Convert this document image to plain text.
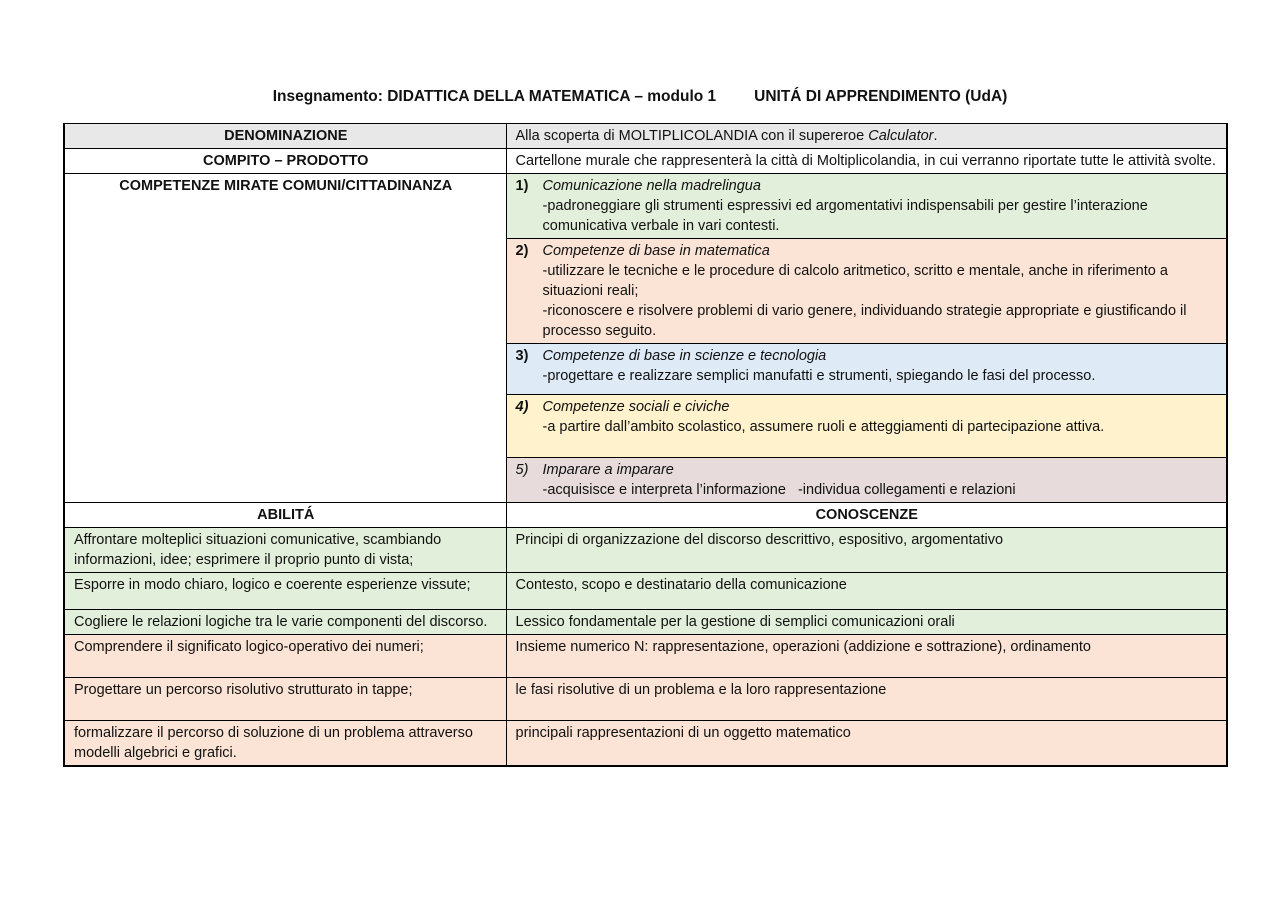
Insegnamento: DIDATTICA DELLA MATEMATICA – modulo 1 UNITÁ DI APPRENDIMENTO (UdA)
DENOMINAZIONE	Alla scoperta di MOLTIPLICOLANDIA con il supereroe Calculator.
COMPITO – PRODOTTO	Cartellone murale che rappresenterà la città di Moltiplicolandia, in cui verranno riportate tutte le attività svolte.
COMPETENZE MIRATE COMUNI/CITTADINANZA	1) Comunicazione nella madrelingua
-padroneggiare gli strumenti espressivi ed argomentativi indispensabili per gestire l’interazione comunicativa verbale in vari contesti.

	2) Competenze di base in matematica
-utilizzare le tecniche e le procedure di calcolo aritmetico, scritto e mentale, anche in riferimento a situazioni reali;
-riconoscere e risolvere problemi di vario genere, individuando strategie appropriate e giustificando il processo seguito.

	3) Competenze di base in scienze e tecnologia
-progettare e realizzare semplici manufatti e strumenti, spiegando le fasi del processo.

	4) Competenze sociali e civiche
-a partire dall’ambito scolastico, assumere ruoli e atteggiamenti di partecipazione attiva.

	5) Imparare a imparare
-acquisisce e interpreta l’informazione   -individua collegamenti e relazioni

ABILITÁ	CONOSCENZE
Affrontare molteplici situazioni comunicative, scambiando informazioni, idee; esprimere il proprio punto di vista;	Principi di organizzazione del discorso descrittivo, espositivo, argomentativo
Esporre in modo chiaro, logico e coerente esperienze vissute;	Contesto, scopo e destinatario della comunicazione
Cogliere le relazioni logiche tra le varie componenti del discorso.	Lessico fondamentale per la gestione di semplici comunicazioni orali
Comprendere il significato logico-operativo dei numeri;	Insieme numerico N: rappresentazione, operazioni (addizione e sottrazione), ordinamento
Progettare un percorso risolutivo strutturato in tappe;	le fasi risolutive di un problema e la loro rappresentazione
formalizzare il percorso di soluzione di un problema attraverso modelli algebrici e grafici.	principali rappresentazioni di un oggetto matematico
